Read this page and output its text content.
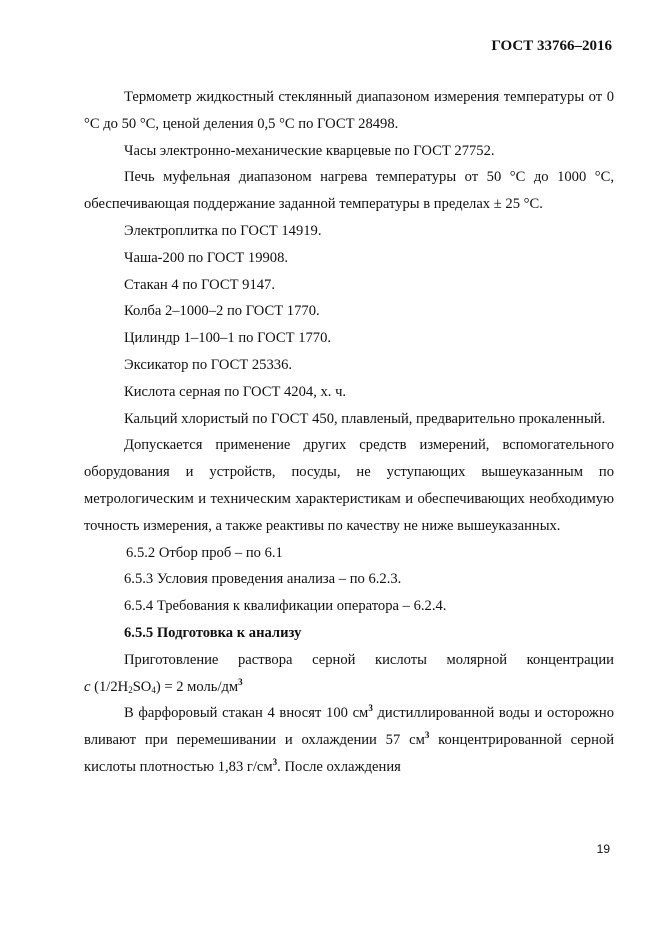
ГОСТ 33766–2016

Термометр жидкостный стеклянный диапазоном измерения температуры от 0 °С до 50 °С, ценой деления 0,5 °С по ГОСТ 28498.

Часы электронно-механические кварцевые по ГОСТ 27752.

Печь муфельная диапазоном нагрева температуры от 50 °С до 1000 °С, обеспечивающая поддержание заданной температуры в пределах ± 25 °С.

Электроплитка по ГОСТ 14919.

Чаша-200 по ГОСТ 19908.

Стакан 4 по ГОСТ 9147.

Колба 2–1000–2 по ГОСТ 1770.

Цилиндр 1–100–1 по ГОСТ 1770.

Эксикатор по ГОСТ 25336.

Кислота серная по ГОСТ 4204, х. ч.

Кальций хлористый по ГОСТ 450, плавленый, предварительно прокаленный.

Допускается применение других средств измерений, вспомогательного оборудования и устройств, посуды, не уступающих вышеуказанным по метрологическим и техническим характеристикам и обеспечивающих необходимую точность измерения, а также реактивы по качеству не ниже вышеуказанных.

6.5.2 Отбор проб – по 6.1

6.5.3 Условия проведения анализа – по 6.2.3.

6.5.4 Требования к квалификации оператора – 6.2.4.

6.5.5 Подготовка к анализу

Приготовление раствора серной кислоты молярной концентрации

с $(1/2H_2SO_4) = 2$ моль/$дм^3$

В фарфоровый стакан 4 вносят 100 $см^3$ дистиллированной воды и осторожно вливают при перемешивании и охлаждении 57 $см^3$ концентрированной серной кислоты плотностью 1,83 $г/см^3$. После охлаждения

19
